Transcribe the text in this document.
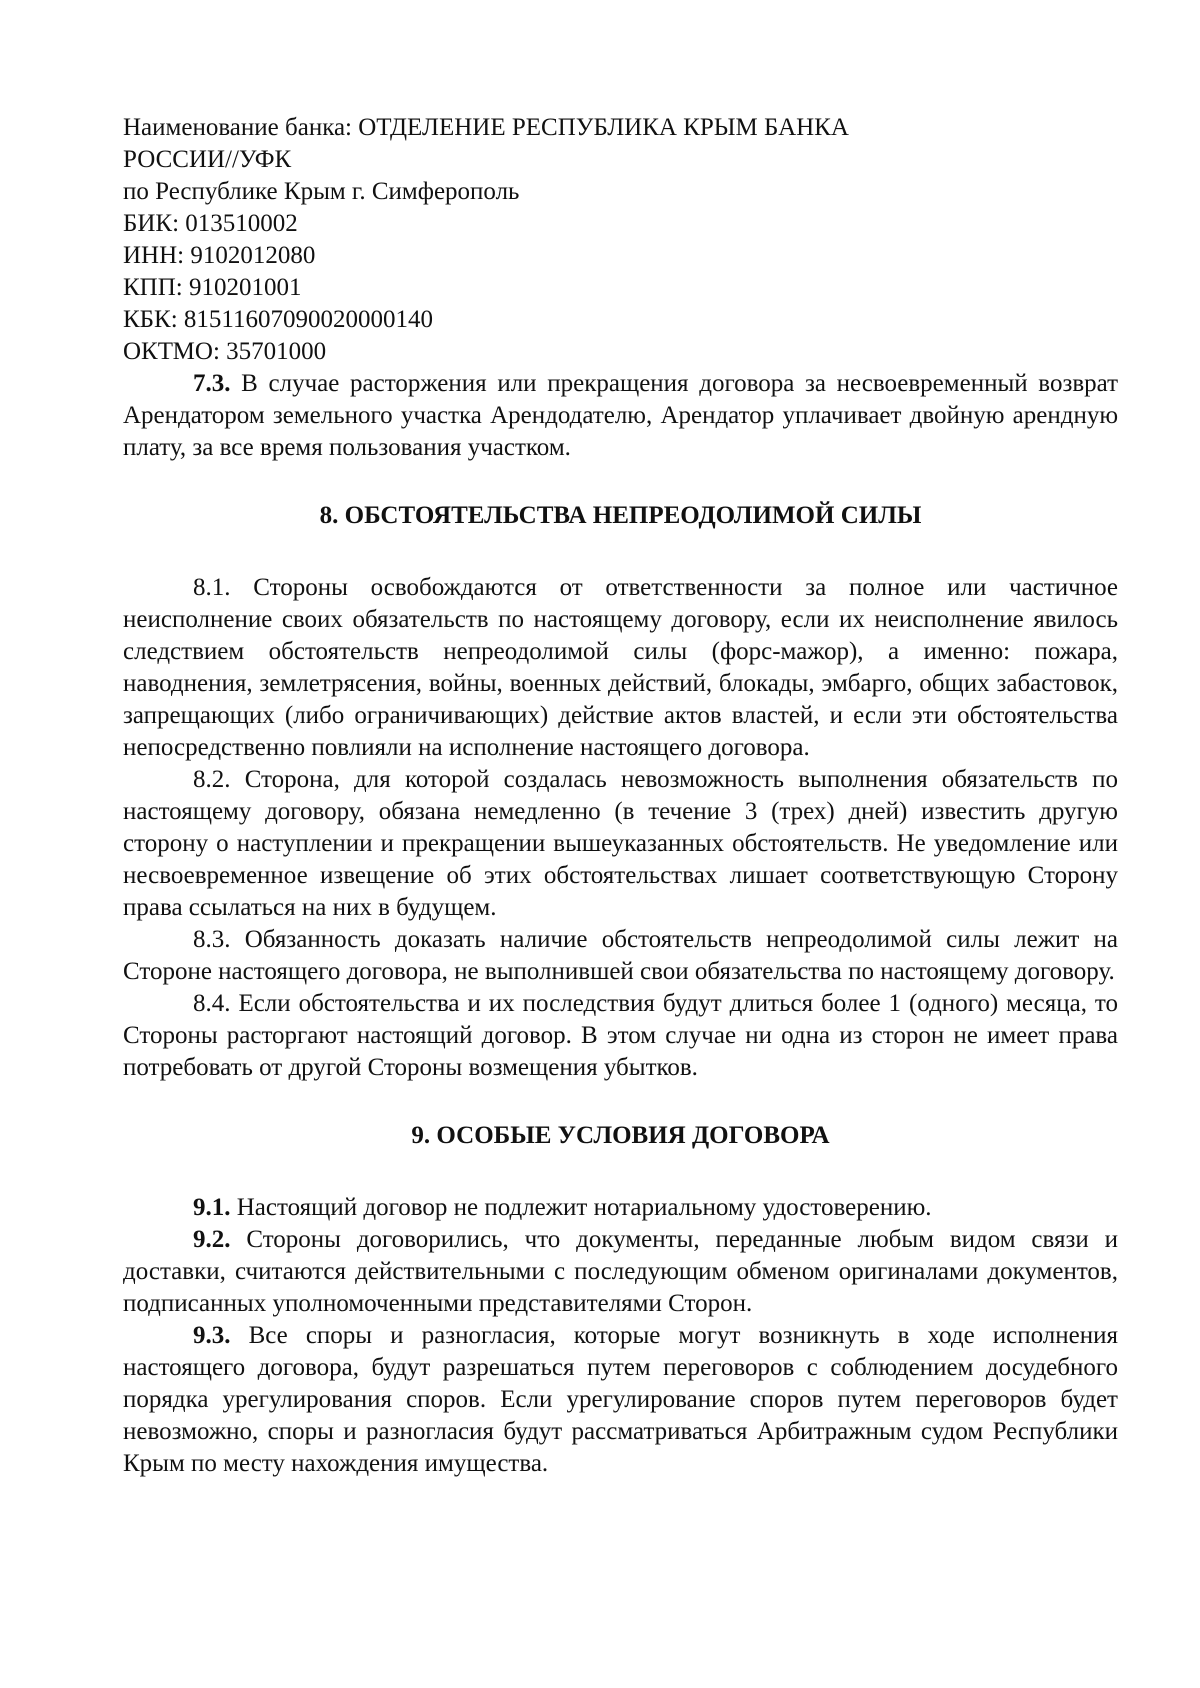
Наименование банка: ОТДЕЛЕНИЕ РЕСПУБЛИКА КРЫМ БАНКА

РОССИИ//УФК

по Республике Крым г. Симферополь

БИК: 013510002

ИНН: 9102012080

КПП: 910201001

КБК: 81511607090020000140

ОКТМО: 35701000

7.3. В случае расторжения или прекращения договора за несвоевременный возврат Арендатором земельного участка Арендодателю, Арендатор уплачивает двойную арендную плату, за все время пользования участком.

8. ОБСТОЯТЕЛЬСТВА НЕПРЕОДОЛИМОЙ СИЛЫ

8.1. Стороны освобождаются от ответственности за полное или частичное неисполнение своих обязательств по настоящему договору, если их неисполнение явилось следствием обстоятельств непреодолимой силы (форс-мажор), а именно: пожара, наводнения, землетрясения, войны, военных действий, блокады, эмбарго, общих забастовок, запрещающих (либо ограничивающих) действие актов властей, и если эти обстоятельства непосредственно повлияли на исполнение настоящего договора.

8.2. Сторона, для которой создалась невозможность выполнения обязательств по настоящему договору, обязана немедленно (в течение 3 (трех) дней) известить другую сторону о наступлении и прекращении вышеуказанных обстоятельств. Не уведомление или несвоевременное извещение об этих обстоятельствах лишает соответствующую Сторону права ссылаться на них в будущем.

8.3. Обязанность доказать наличие обстоятельств непреодолимой силы лежит на Стороне настоящего договора, не выполнившей свои обязательства по настоящему договору.

8.4. Если обстоятельства и их последствия будут длиться более 1 (одного) месяца, то Стороны расторгают настоящий договор. В этом случае ни одна из сторон не имеет права потребовать от другой Стороны возмещения убытков.

9. ОСОБЫЕ УСЛОВИЯ ДОГОВОРА

9.1. Настоящий договор не подлежит нотариальному удостоверению.

9.2. Стороны договорились, что документы, переданные любым видом связи и доставки, считаются действительными с последующим обменом оригиналами документов, подписанных уполномоченными представителями Сторон.

9.3. Все споры и разногласия, которые могут возникнуть в ходе исполнения настоящего договора, будут разрешаться путем переговоров с соблюдением досудебного порядка урегулирования споров. Если урегулирование споров путем переговоров будет невозможно, споры и разногласия будут рассматриваться Арбитражным судом Республики Крым по месту нахождения имущества.
